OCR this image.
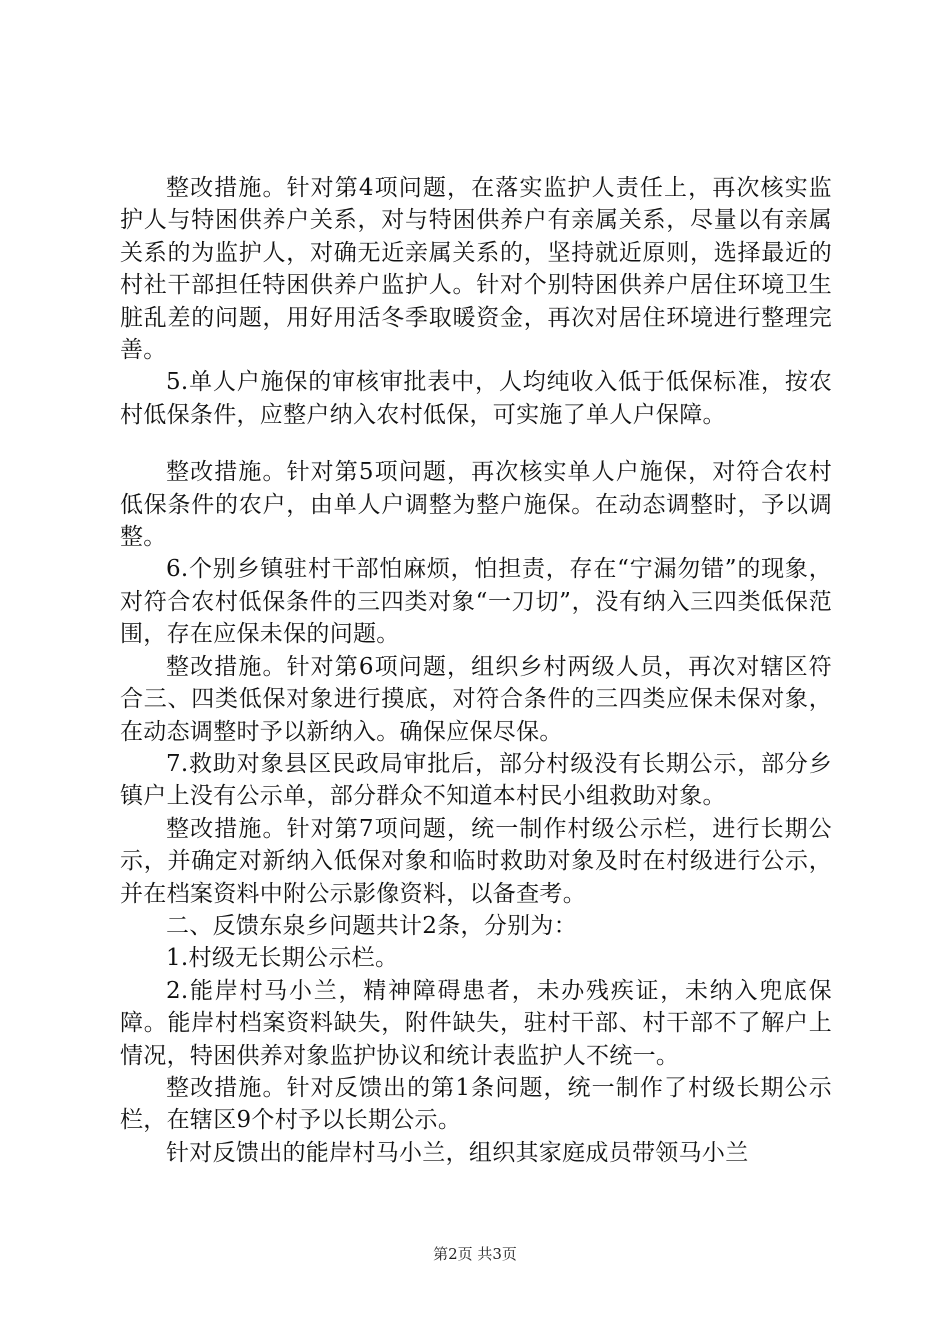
整改措施。针对第4项问题，在落实监护人责任上，再次核实监护人与特困供养户关系，对与特困供养户有亲属关系，尽量以有亲属关系的为监护人，对确无近亲属关系的，坚持就近原则，选择最近的村社干部担任特困供养户监护人。针对个别特困供养户居住环境卫生脏乱差的问题，用好用活冬季取暖资金，再次对居住环境进行整理完善。

5.单人户施保的审核审批表中，人均纯收入低于低保标准，按农村低保条件，应整户纳入农村低保，可实施了单人户保障。

整改措施。针对第5项问题，再次核实单人户施保，对符合农村低保条件的农户，由单人户调整为整户施保。在动态调整时，予以调整。

6.个别乡镇驻村干部怕麻烦，怕担责，存在“宁漏勿错”的现象，对符合农村低保条件的三四类对象“一刀切”，没有纳入三四类低保范围，存在应保未保的问题。

整改措施。针对第6项问题，组织乡村两级人员，再次对辖区符合三、四类低保对象进行摸底，对符合条件的三四类应保未保对象，在动态调整时予以新纳入。确保应保尽保。

7.救助对象县区民政局审批后，部分村级没有长期公示，部分乡镇户上没有公示单，部分群众不知道本村民小组救助对象。

整改措施。针对第7项问题，统一制作村级公示栏，进行长期公示，并确定对新纳入低保对象和临时救助对象及时在村级进行公示，并在档案资料中附公示影像资料，以备查考。

二、反馈东泉乡问题共计2条，分别为：

1.村级无长期公示栏。

2.能岸村马小兰，精神障碍患者，未办残疾证，未纳入兜底保障。能岸村档案资料缺失，附件缺失，驻村干部、村干部不了解户上情况，特困供养对象监护协议和统计表监护人不统一。

整改措施。针对反馈出的第1条问题，统一制作了村级长期公示栏，在辖区9个村予以长期公示。

针对反馈出的能岸村马小兰，组织其家庭成员带领马小兰

第2页 共3页
